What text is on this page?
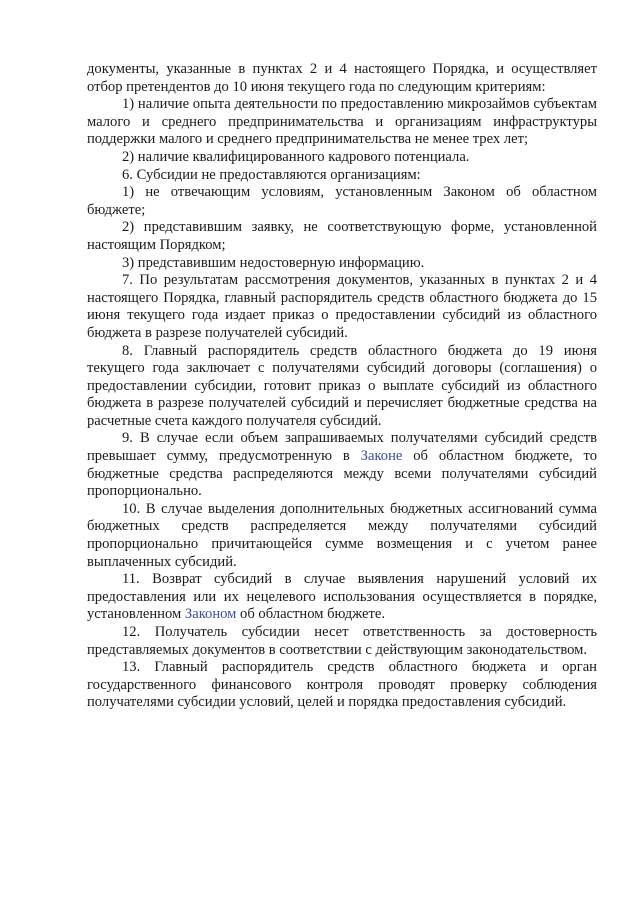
документы, указанные в пунктах 2 и 4 настоящего Порядка, и осуществляет отбор претендентов до 10 июня текущего года по следующим критериям:

1) наличие опыта деятельности по предоставлению микрозаймов субъектам малого и среднего предпринимательства и организациям инфраструктуры поддержки малого и среднего предпринимательства не менее трех лет;

2) наличие квалифицированного кадрового потенциала.

6. Субсидии не предоставляются организациям:

1) не отвечающим условиям, установленным Законом об областном бюджете;

2) представившим заявку, не соответствующую форме, установленной настоящим Порядком;

3) представившим недостоверную информацию.

7. По результатам рассмотрения документов, указанных в пунктах 2 и 4 настоящего Порядка, главный распорядитель средств областного бюджета до 15 июня текущего года издает приказ о предоставлении субсидий из областного бюджета в разрезе получателей субсидий.

8. Главный распорядитель средств областного бюджета до 19 июня текущего года заключает с получателями субсидий договоры (соглашения) о предоставлении субсидии, готовит приказ о выплате субсидий из областного бюджета в разрезе получателей субсидий и перечисляет бюджетные средства на расчетные счета каждого получателя субсидий.

9. В случае если объем запрашиваемых получателями субсидий средств превышает сумму, предусмотренную в Законе об областном бюджете, то бюджетные средства распределяются между всеми получателями субсидий пропорционально.

10. В случае выделения дополнительных бюджетных ассигнований сумма бюджетных средств распределяется между получателями субсидий пропорционально причитающейся сумме возмещения и с учетом ранее выплаченных субсидий.

11. Возврат субсидий в случае выявления нарушений условий их предоставления или их нецелевого использования осуществляется в порядке, установленном Законом об областном бюджете.

12. Получатель субсидии несет ответственность за достоверность представляемых документов в соответствии с действующим законодательством.

13. Главный распорядитель средств областного бюджета и орган государственного финансового контроля проводят проверку соблюдения получателями субсидии условий, целей и порядка предоставления субсидий.
